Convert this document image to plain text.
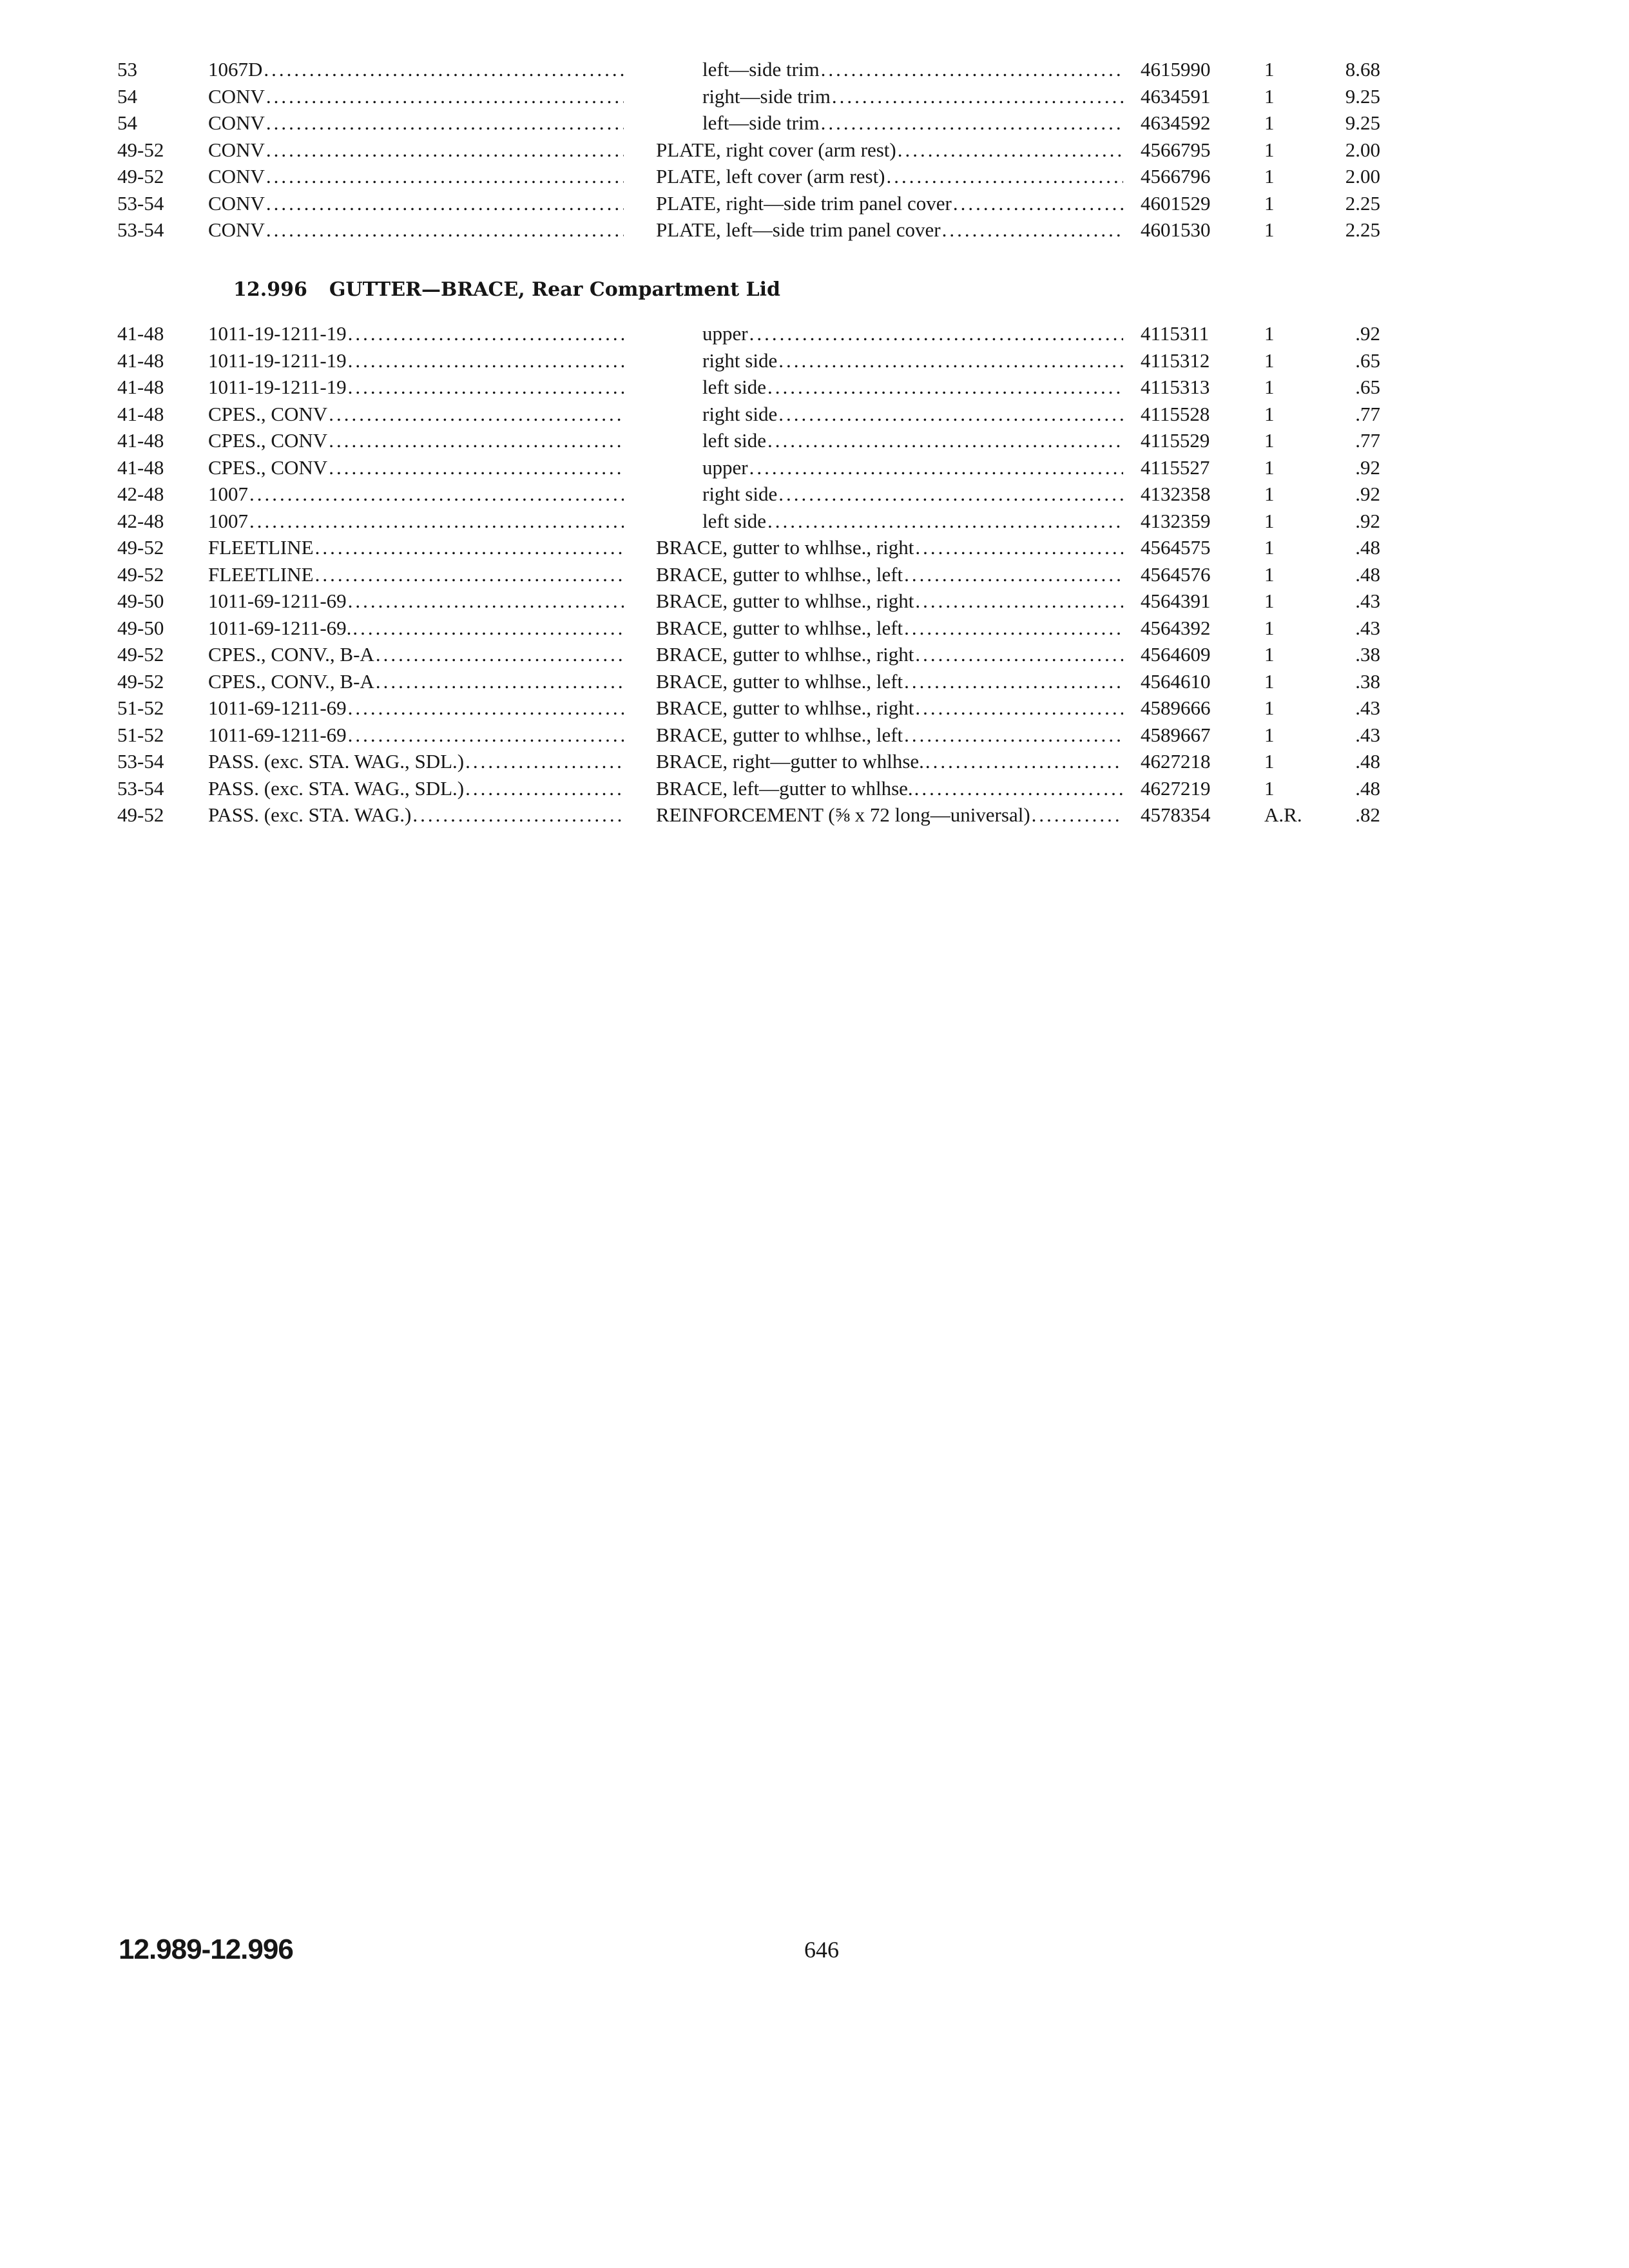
53	1067D .....	left—side trim .....	4615990	1	8.68
54	CONV .....	right—side trim .....	4634591	1	9.25
54	CONV .....	left—side trim .....	4634592	1	9.25
49-52	CONV .....	PLATE, right cover (arm rest) .....	4566795	1	2.00
49-52	CONV .....	PLATE, left cover (arm rest) .....	4566796	1	2.00
53-54	CONV .....	PLATE, right—side trim panel cover .....	4601529	1	2.25
53-54	CONV .....	PLATE, left—side trim panel cover .....	4601530	1	2.25
12.996 GUTTER—BRACE, Rear Compartment Lid
41-48	1011-19-1211-19 .....	upper .....	4115311	1	.92
41-48	1011-19-1211-19 .....	right side .....	4115312	1	.65
41-48	1011-19-1211-19 .....	left side .....	4115313	1	.65
41-48	CPES., CONV .....	right side .....	4115528	1	.77
41-48	CPES., CONV .....	left side .....	4115529	1	.77
41-48	CPES., CONV .....	upper .....	4115527	1	.92
42-48	1007 .....	right side .....	4132358	1	.92
42-48	1007 .....	left side .....	4132359	1	.92
49-52	FLEETLINE .....	BRACE, gutter to whlhse., right .....	4564575	1	.48
49-52	FLEETLINE .....	BRACE, gutter to whlhse., left .....	4564576	1	.48
49-50	1011-69-1211-69 .....	BRACE, gutter to whlhse., right .....	4564391	1	.43
49-50	1011-69-1211-69. .....	BRACE, gutter to whlhse., left .....	4564392	1	.43
49-52	CPES., CONV., B-A .....	BRACE, gutter to whlhse., right .....	4564609	1	.38
49-52	CPES., CONV., B-A .....	BRACE, gutter to whlhse., left .....	4564610	1	.38
51-52	1011-69-1211-69 .....	BRACE, gutter to whlhse., right .....	4589666	1	.43
51-52	1011-69-1211-69 .....	BRACE, gutter to whlhse., left .....	4589667	1	.43
53-54	PASS. (exc. STA. WAG., SDL.) .....	BRACE, right—gutter to whlhse. .....	4627218	1	.48
53-54	PASS. (exc. STA. WAG., SDL.) .....	BRACE, left—gutter to whlhse. .....	4627219	1	.48
49-52	PASS. (exc. STA. WAG.) .....	REINFORCEMENT (⅝ x 72 long—universal) .....	4578354	A.R.	.82
12.989-12.996	646
